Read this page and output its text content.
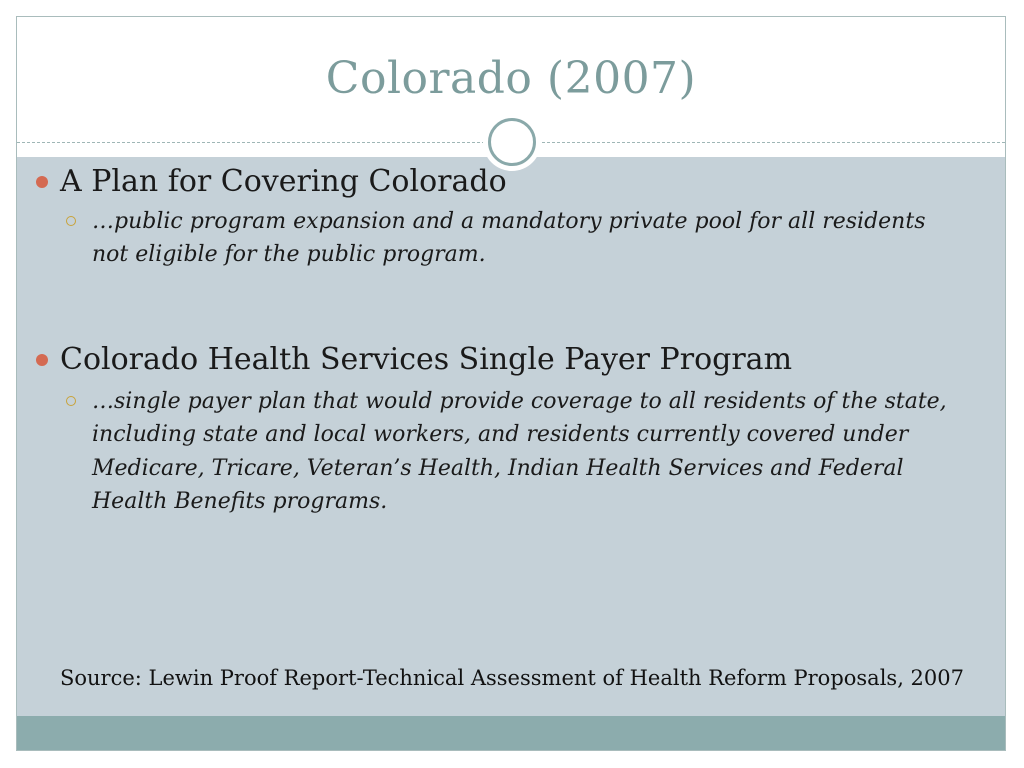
Colorado (2007)
A Plan for Covering Colorado
…public program expansion and a mandatory private pool for all residents not eligible for the public program.
Colorado Health Services Single Payer Program
…single payer plan that would provide coverage to all residents of the state, including state and local workers, and residents currently covered under Medicare, Tricare, Veteran’s Health, Indian Health Services and Federal Health Benefits programs.
Source: Lewin Proof Report-Technical Assessment of Health Reform Proposals, 2007
